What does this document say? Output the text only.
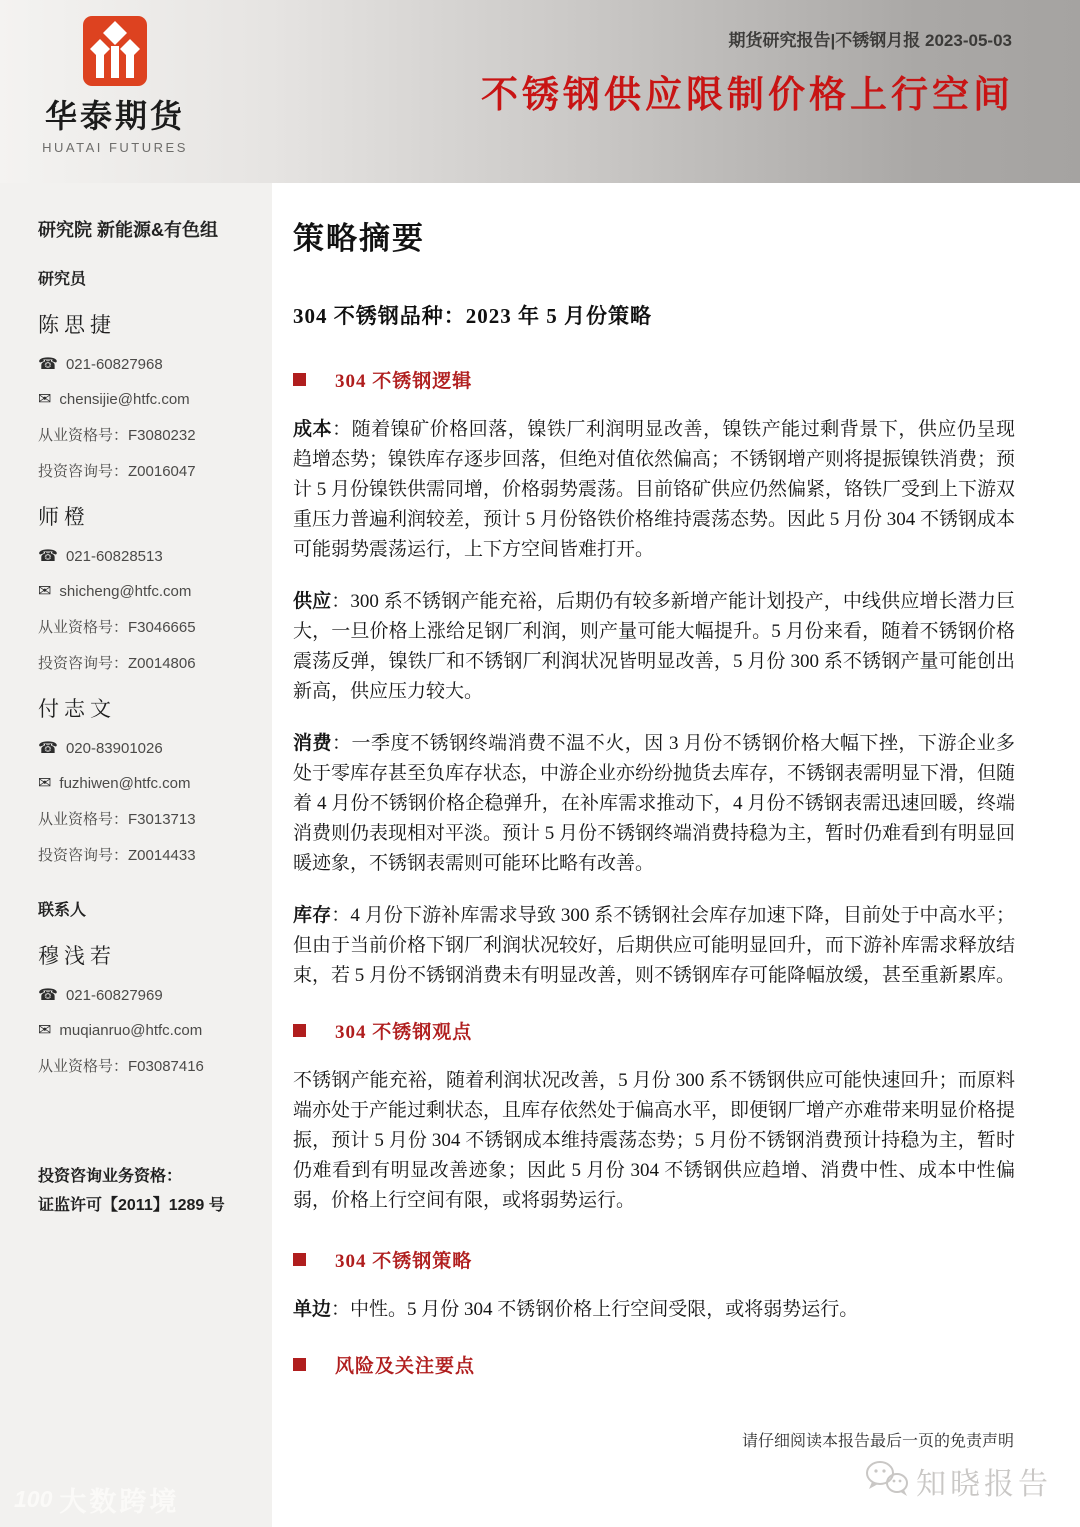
华泰期货
HUATAI FUTURES
期货研究报告|不锈钢月报 2023-05-03
不锈钢供应限制价格上行空间
研究院 新能源&有色组
研究员
陈思捷
☎ 021-60827968
✉ chensijie@htfc.com
从业资格号：F3080232
投资咨询号：Z0016047
师橙
☎ 021-60828513
✉ shicheng@htfc.com
从业资格号：F3046665
投资咨询号：Z0014806
付志文
☎ 020-83901026
✉ fuzhiwen@htfc.com
从业资格号：F3013713
投资咨询号：Z0014433
联系人
穆浅若
☎ 021-60827969
✉ muqianruo@htfc.com
从业资格号：F03087416
投资咨询业务资格：
证监许可【2011】1289 号
策略摘要
304 不锈钢品种：2023 年 5 月份策略
304 不锈钢逻辑

成本：随着镍矿价格回落，镍铁厂利润明显改善，镍铁产能过剩背景下，供应仍呈现趋增态势；镍铁库存逐步回落，但绝对值依然偏高；不锈钢增产则将提振镍铁消费；预计 5 月份镍铁供需同增，价格弱势震荡。目前铬矿供应仍然偏紧，铬铁厂受到上下游双重压力普遍利润较差，预计 5 月份铬铁价格维持震荡态势。因此 5 月份 304 不锈钢成本可能弱势震荡运行，上下方空间皆难打开。

供应：300 系不锈钢产能充裕，后期仍有较多新增产能计划投产，中线供应增长潜力巨大，一旦价格上涨给足钢厂利润，则产量可能大幅提升。5 月份来看，随着不锈钢价格震荡反弹，镍铁厂和不锈钢厂利润状况皆明显改善，5 月份 300 系不锈钢产量可能创出新高，供应压力较大。

消费：一季度不锈钢终端消费不温不火，因 3 月份不锈钢价格大幅下挫，下游企业多处于零库存甚至负库存状态，中游企业亦纷纷抛货去库存，不锈钢表需明显下滑，但随着 4 月份不锈钢价格企稳弹升，在补库需求推动下，4 月份不锈钢表需迅速回暖，终端消费则仍表现相对平淡。预计 5 月份不锈钢终端消费持稳为主，暂时仍难看到有明显回暖迹象，不锈钢表需则可能环比略有改善。

库存：4 月份下游补库需求导致 300 系不锈钢社会库存加速下降，目前处于中高水平；但由于当前价格下钢厂利润状况较好，后期供应可能明显回升，而下游补库需求释放结束，若 5 月份不锈钢消费未有明显改善，则不锈钢库存可能降幅放缓，甚至重新累库。

304 不锈钢观点

不锈钢产能充裕，随着利润状况改善，5 月份 300 系不锈钢供应可能快速回升；而原料端亦处于产能过剩状态，且库存依然处于偏高水平，即便钢厂增产亦难带来明显价格提振，预计 5 月份 304 不锈钢成本维持震荡态势；5 月份不锈钢消费预计持稳为主，暂时仍难看到有明显改善迹象；因此 5 月份 304 不锈钢供应趋增、消费中性、成本中性偏弱，价格上行空间有限，或将弱势运行。

304 不锈钢策略

单边：中性。5 月份 304 不锈钢价格上行空间受限，或将弱势运行。

风险及关注要点
请仔细阅读本报告最后一页的免责声明
知晓报告
100 大数跨境
